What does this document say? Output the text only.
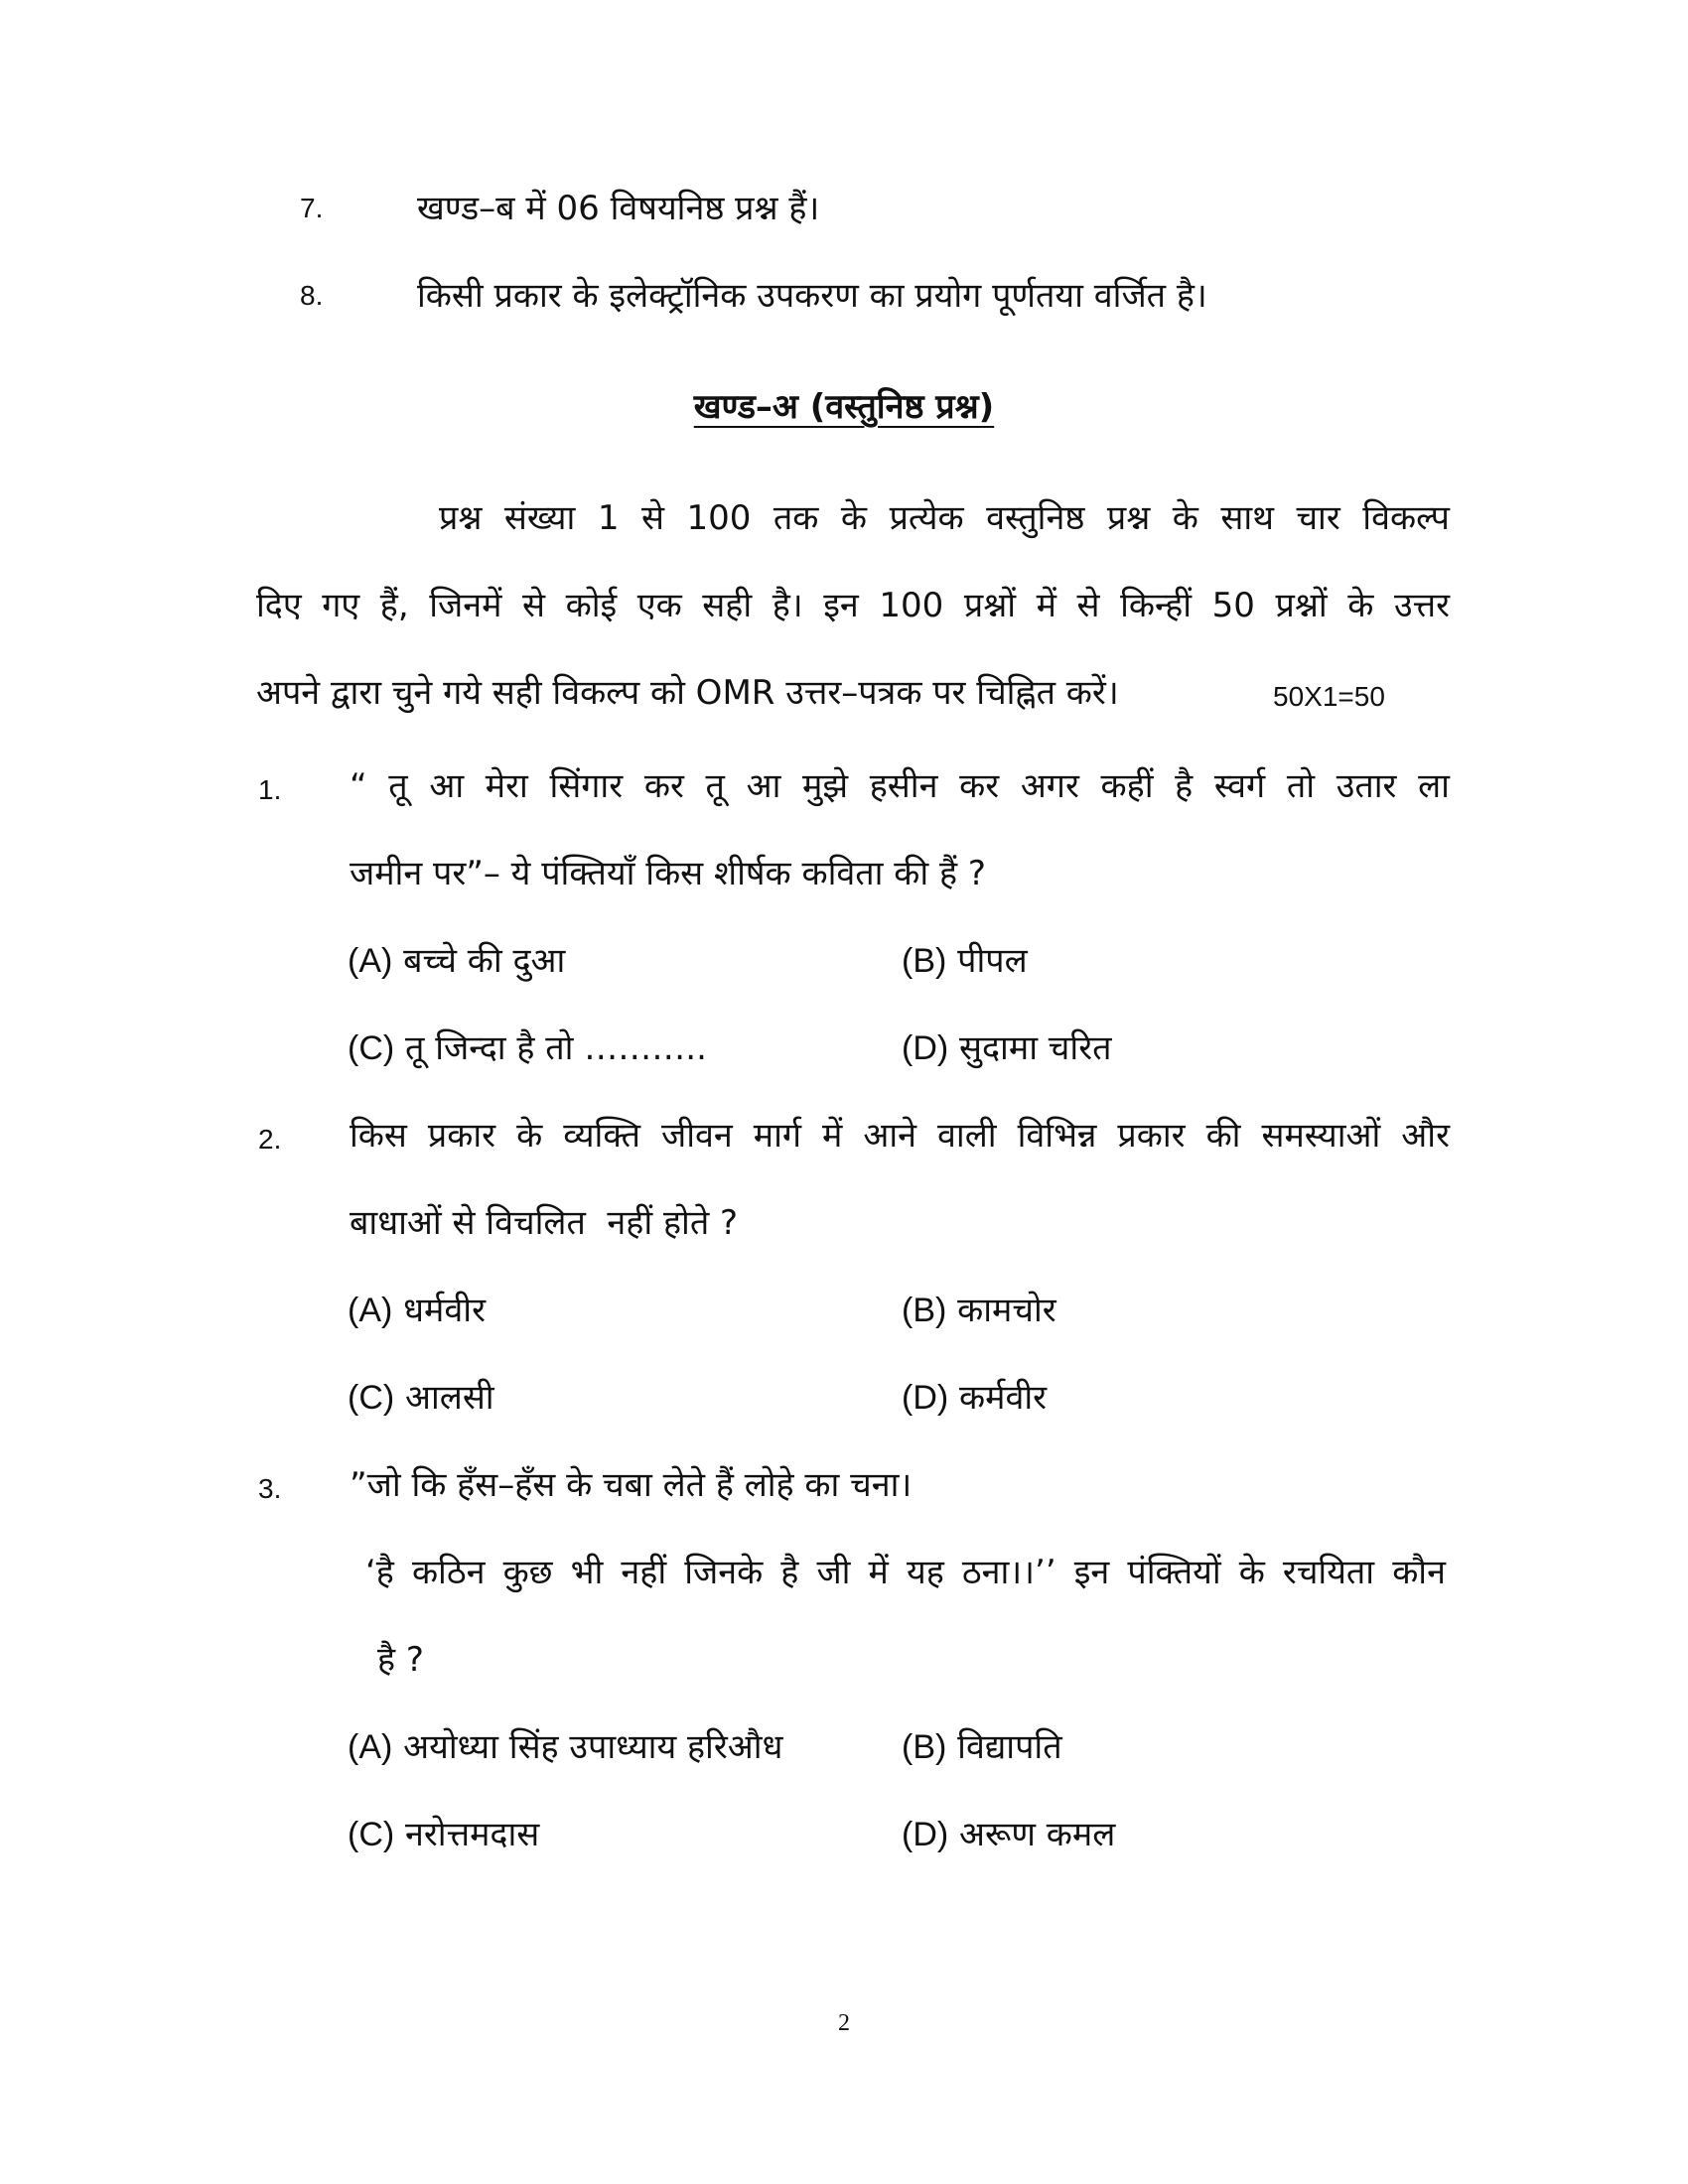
7.	खण्ड–ब में 06 विषयनिष्ठ प्रश्न हैं।
8.	किसी प्रकार के इलेक्ट्रॉनिक उपकरण का प्रयोग पूर्णतया वर्जित है।
खण्ड–अ (वस्तुनिष्ठ प्रश्न)
प्रश्न संख्या 1 से 100 तक के प्रत्येक वस्तुनिष्ठ प्रश्न के साथ चार विकल्प
दिए गए हैं, जिनमें से कोई एक सही है। इन 100 प्रश्नों में से किन्हीं 50 प्रश्नों के उत्तर
अपने द्वारा चुने गये सही विकल्प को OMR उत्तर–पत्रक पर चिह्नित करें।	50X1=50
1. “ तू आ मेरा सिंगार कर तू आ मुझे हसीन कर अगर कहीं है स्वर्ग तो उतार ला
जमीन पर”– ये पंक्तियाँ किस शीर्षक कविता की हैं ?
(A) बच्चे की दुआ	(B) पीपल
(C) तू जिन्दा है तो ………..	(D) सुदामा चरित
2. किस प्रकार के व्यक्ति जीवन मार्ग में आने वाली विभिन्न प्रकार की समस्याओं और
बाधाओं से विचलित  नहीं होते ?
(A) धर्मवीर	(B) कामचोर
(C) आलसी	(D) कर्मवीर
3. ”जो कि हँस–हँस के चबा लेते हैं लोहे का चना।
‘है कठिन कुछ भी नहीं जिनके है जी में यह ठना।।’’ इन पंक्तियों के रचयिता कौन
है ?
(A) अयोध्या सिंह उपाध्याय हरिऔध	(B) विद्यापति
(C) नरोत्तमदास	(D) अरूण कमल
2
